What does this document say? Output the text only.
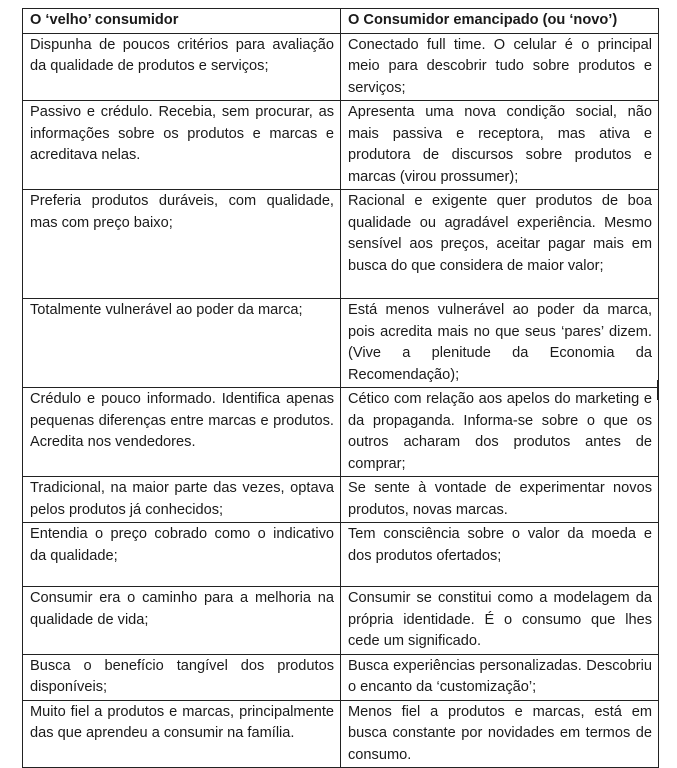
O ‘velho’ consumidor	O Consumidor emancipado (ou ‘novo’)
Dispunha de poucos critérios para avaliação da qualidade de produtos e serviços;	Conectado full time. O celular é o principal meio para descobrir tudo sobre produtos e serviços;
Passivo e crédulo. Recebia, sem procurar, as informações sobre os produtos e marcas e acreditava nelas.	Apresenta uma nova condição social, não mais passiva e receptora, mas ativa e produtora de discursos sobre produtos e marcas (virou prossumer);
Preferia produtos duráveis, com qualidade, mas com preço baixo;	Racional e exigente quer produtos de boa qualidade ou agradável experiência. Mesmo sensível aos preços, aceitar pagar mais em busca do que considera de maior valor;
Totalmente vulnerável ao poder da marca;	Está menos vulnerável ao poder da marca, pois acredita mais no que seus ‘pares’ dizem. (Vive a plenitude da Economia da Recomendação);
Crédulo e pouco informado. Identifica apenas pequenas diferenças entre marcas e produtos. Acredita nos vendedores.	Cético com relação aos apelos do marketing e da propaganda. Informa-se sobre o que os outros acharam dos produtos antes de comprar;
Tradicional, na maior parte das vezes, optava pelos produtos já conhecidos;	Se sente à vontade de experimentar novos produtos, novas marcas.
Entendia o preço cobrado como o indicativo da qualidade;	Tem consciência sobre o valor da moeda e dos produtos ofertados;
Consumir era o caminho para a melhoria na qualidade de vida;	Consumir se constitui como a modelagem da própria identidade. É o consumo que lhes cede um significado.
Busca o benefício tangível dos produtos disponíveis;	Busca experiências personalizadas. Descobriu o encanto da ‘customização’;
Muito fiel a produtos e marcas, principalmente das que aprendeu a consumir na família.	Menos fiel a produtos e marcas, está em busca constante por novidades em termos de consumo.
